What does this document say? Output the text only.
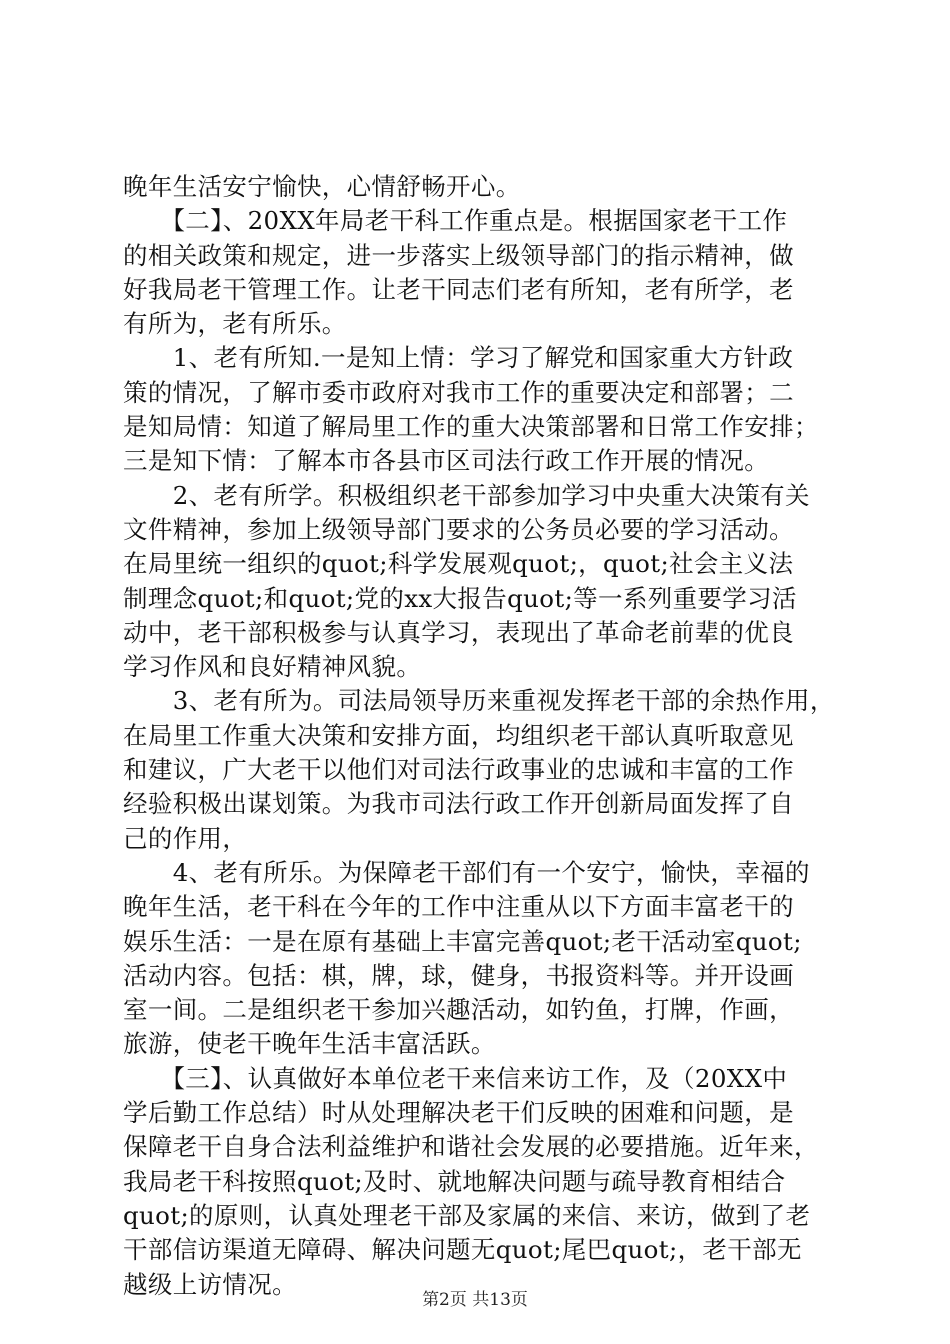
晚年生活安宁愉快，心情舒畅开心。
　　【二】、20XX年局老干科工作重点是。根据国家老干工作
的相关政策和规定，进一步落实上级领导部门的指示精神，做
好我局老干管理工作。让老干同志们老有所知，老有所学，老
有所为，老有所乐。
　　1、老有所知.一是知上情：学习了解党和国家重大方针政
策的情况，了解市委市政府对我市工作的重要决定和部署；二
是知局情：知道了解局里工作的重大决策部署和日常工作安排；
三是知下情：了解本市各县市区司法行政工作开展的情况。
　　2、老有所学。积极组织老干部参加学习中央重大决策有关
文件精神，参加上级领导部门要求的公务员必要的学习活动。
在局里统一组织的quot;科学发展观quot;，quot;社会主义法
制理念quot;和quot;党的xx大报告quot;等一系列重要学习活
动中，老干部积极参与认真学习，表现出了革命老前辈的优良
学习作风和良好精神风貌。
　　3、老有所为。司法局领导历来重视发挥老干部的余热作用，
在局里工作重大决策和安排方面，均组织老干部认真听取意见
和建议，广大老干以他们对司法行政事业的忠诚和丰富的工作
经验积极出谋划策。为我市司法行政工作开创新局面发挥了自
己的作用，
　　4、老有所乐。为保障老干部们有一个安宁，愉快，幸福的
晚年生活，老干科在今年的工作中注重从以下方面丰富老干的
娱乐生活：一是在原有基础上丰富完善quot;老干活动室quot;
活动内容。包括：棋，牌，球，健身，书报资料等。并开设画
室一间。二是组织老干参加兴趣活动，如钓鱼，打牌，作画，
旅游，使老干晚年生活丰富活跃。
　　【三】、认真做好本单位老干来信来访工作，及（20XX中
学后勤工作总结）时从处理解决老干们反映的困难和问题，是
保障老干自身合法利益维护和谐社会发展的必要措施。近年来，
我局老干科按照quot;及时、就地解决问题与疏导教育相结合
quot;的原则，认真处理老干部及家属的来信、来访，做到了老
干部信访渠道无障碍、解决问题无quot;尾巴quot;，老干部无
越级上访情况。
第2页 共13页
